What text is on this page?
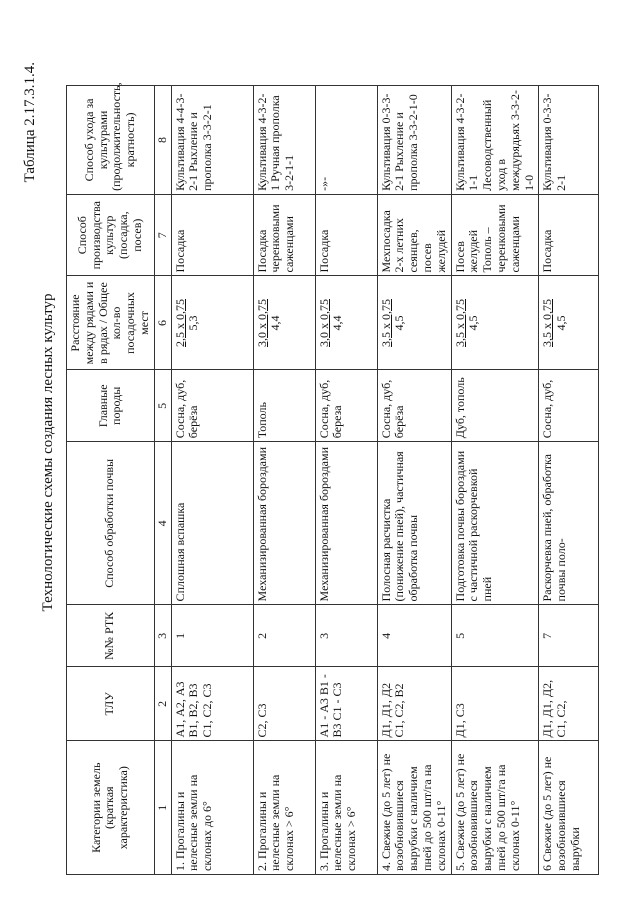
Таблица 2.17.3.1.4.
Технологические схемы создания лесных культур
Категории земель (краткая характеристика)	ТЛУ	№№ РТК	Способ обработки почвы	Главные породы	Расстояние между рядами и в рядах / Общее кол-во посадочных мест	Способ производства культур (посадка, посев)	Способ ухода за культурами (продолжительность, кратность)
1	2	3	4	5	6	7	8
1. Прогалины и нелесные земли на склонах до 6°	А1, А2, А3 В1, В2, В3 С1, С2, С3	1	Сплошная вспашка	Сосна, дуб, берёза	2,5 x 0,75 5,3	Посадка	Культивация 4-4-3-2-1 Рыхление и прополка 3-3-2-1
2. Прогалины и нелесные земли на склонах > 6°	С2, С3	2	Механизированная бороздами	Тополь	3,0 x 0,75 4,4	Посадка черенковыми саженцами	Культивация 4-3-2-1 Ручная прополка 3-2-1-1
3. Прогалины и нелесные земли на склонах > 6°	А1 - А3 В1 - В3 С1 - С3	3	Механизированная бороздами	Сосна, дуб, береза	3,0 x 0,75 4,4	Посадка	-»-
4. Свежие (до 5 лет) не возобновившиеся вырубки с наличием пней до 500 шт/га на склонах 0-11°	Д1, Д1, Д2 С1, С2, В2	4	Полосная расчистка (понижение пней), частичная обработка почвы	Сосна, дуб, берёза	3,5 x 0,75 4,5	Мехпосадка 2-х летних сеянцев, посев желудей	Культивация 0-3-3-2-1 Рыхление и прополка 3-3-2-1-0
5. Свежие (до 5 лет) не возобновившиеся вырубки с наличием пней до 500 шт/га на склонах 0-11°	Д1, С3	5	Подготовка почвы бороздами с частичной раскорчевкой пней	Дуб, тополь	3,5 x 0,75 4,5	Посев желудей Тополь – черенковыми саженцами	Культивация 4-3-2-1-1 Лесоводственный уход в междурядьях 3-3-2-1-0
6 Свежие (до 5 лет) не возобновившиеся вырубки	Д1, Д1, Д2, С1, С2,	7	Раскорчевка пней, обработка почвы поло-	Сосна, дуб,	3,5 x 0,75 4,5	Посадка	Культивация 0-3-3-2-1
